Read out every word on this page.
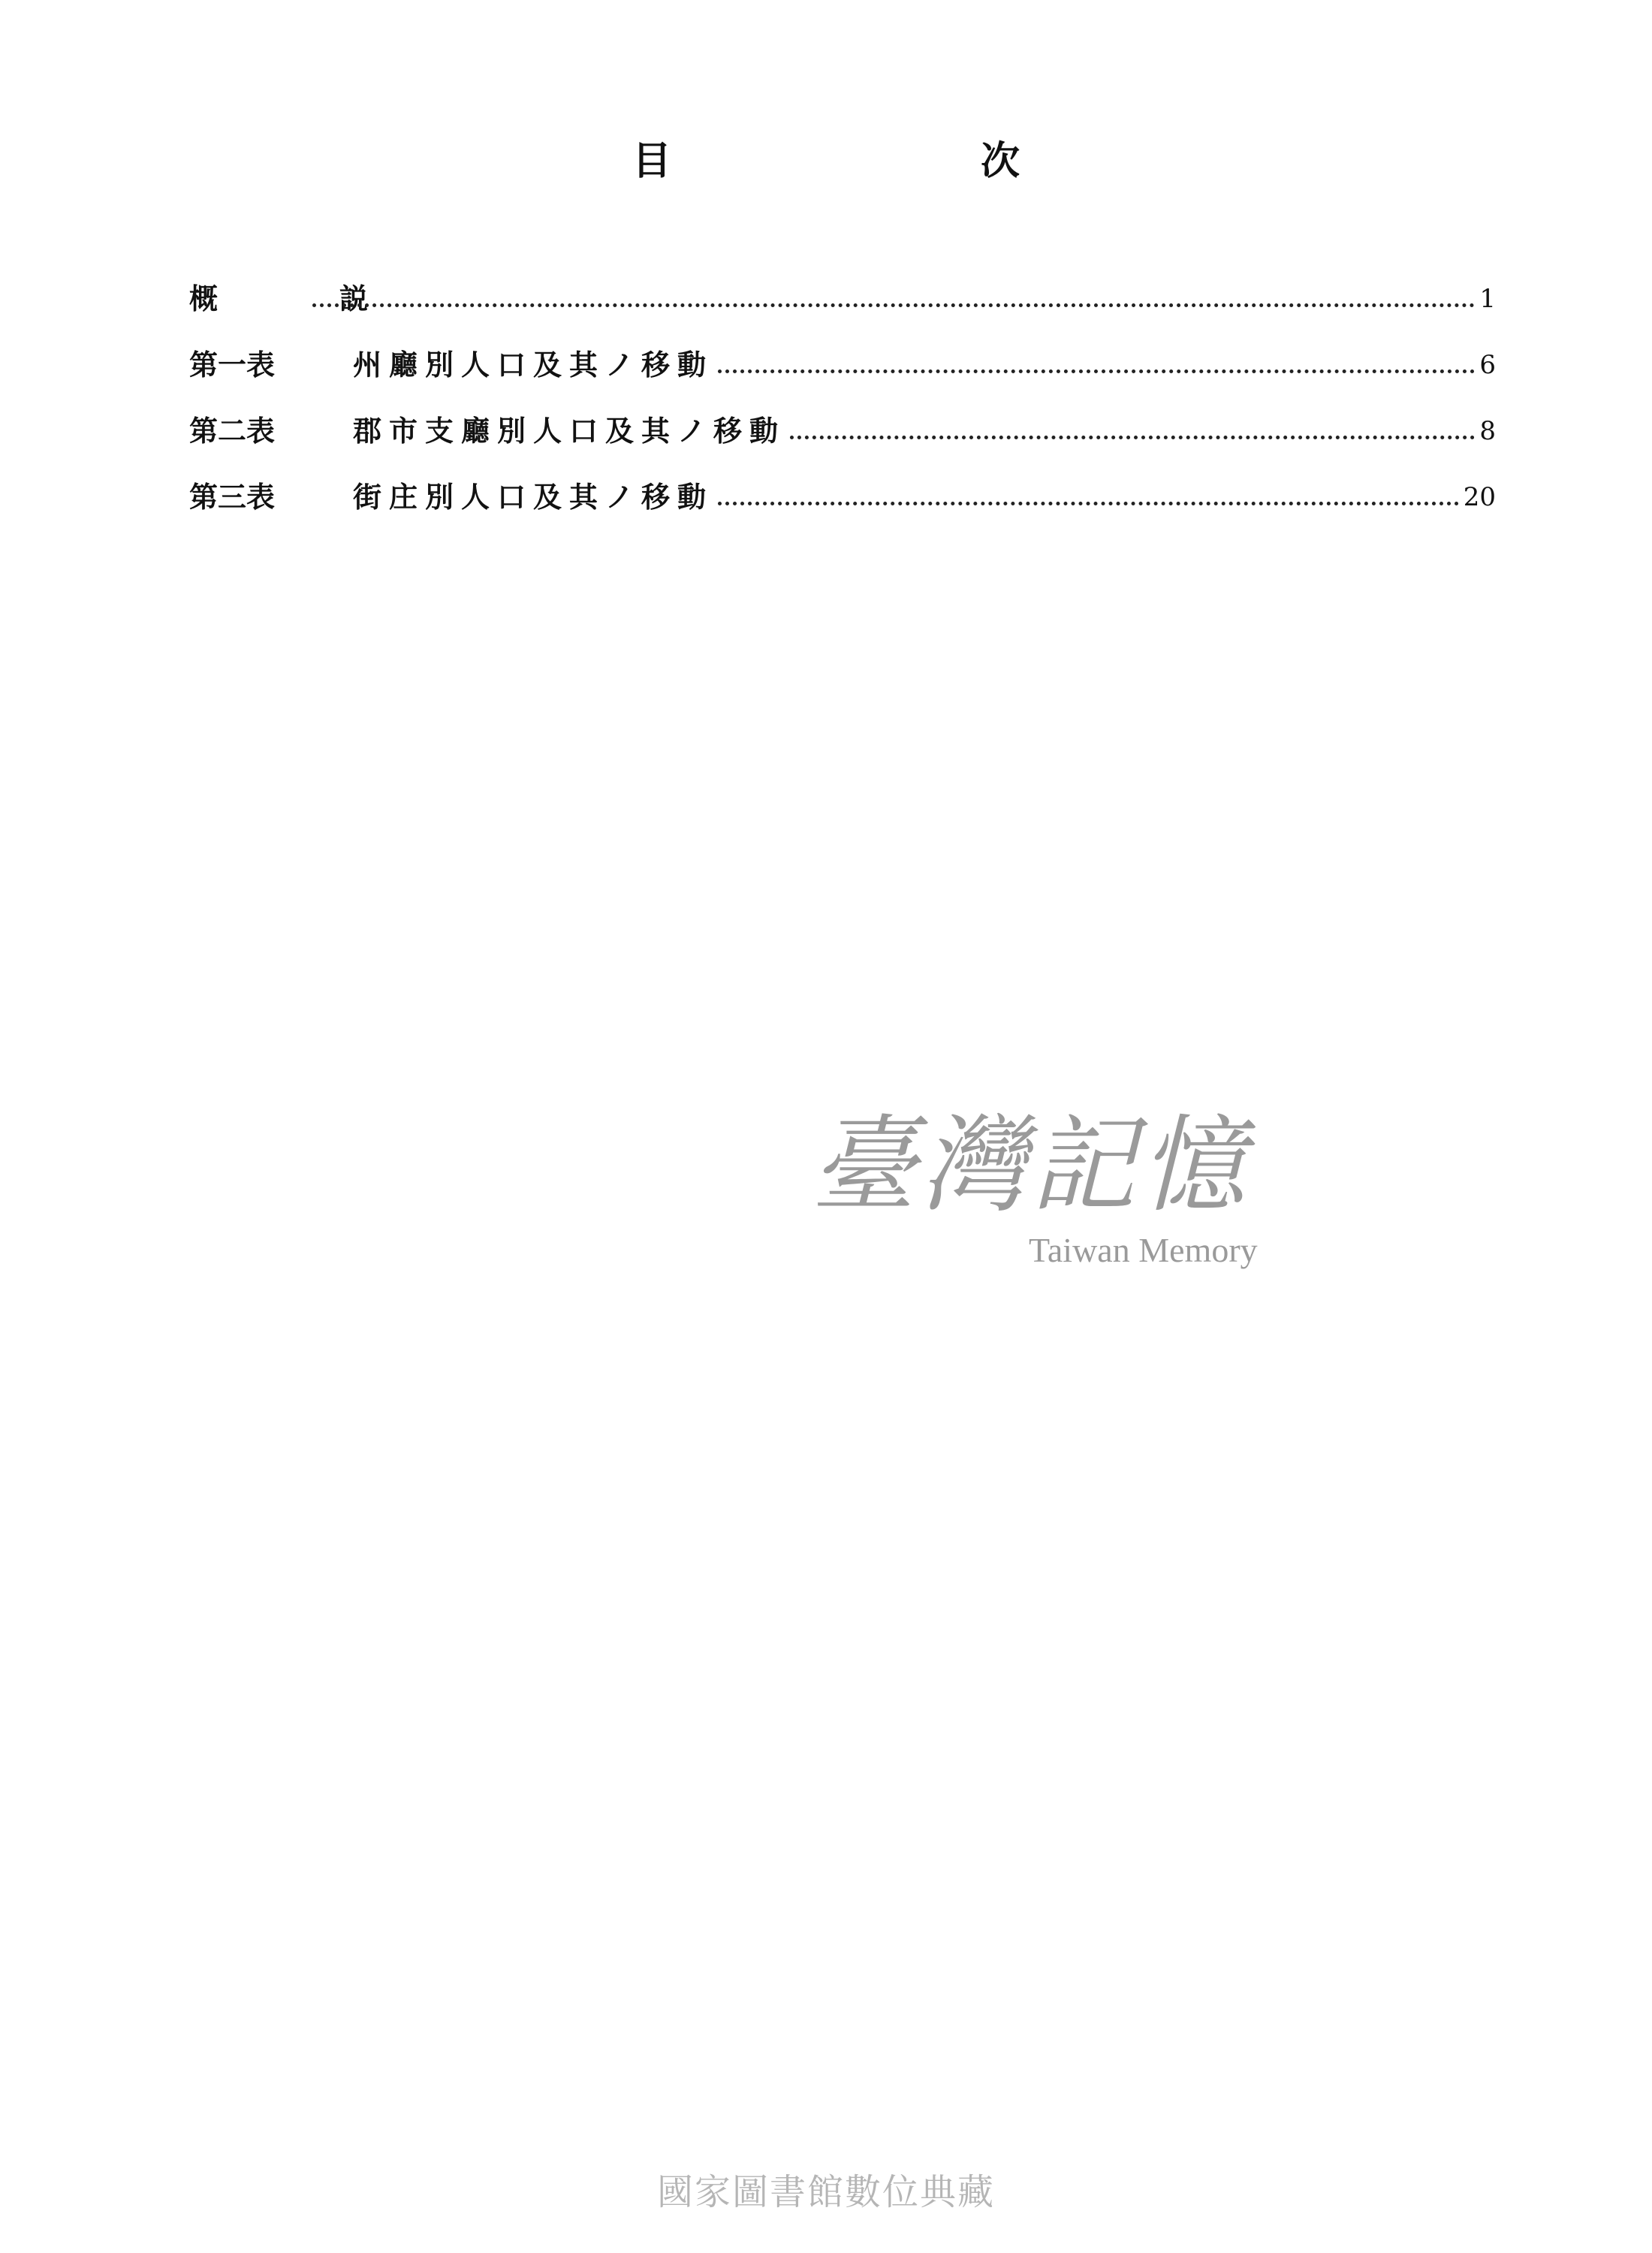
目　次
概　説	1
第一表	州廳別人口及其ノ移動	6
第二表	郡市支廳別人口及其ノ移動	8
第三表	街庄別人口及其ノ移動	20
臺灣記憶
Taiwan Memory
國家圖書館數位典藏
